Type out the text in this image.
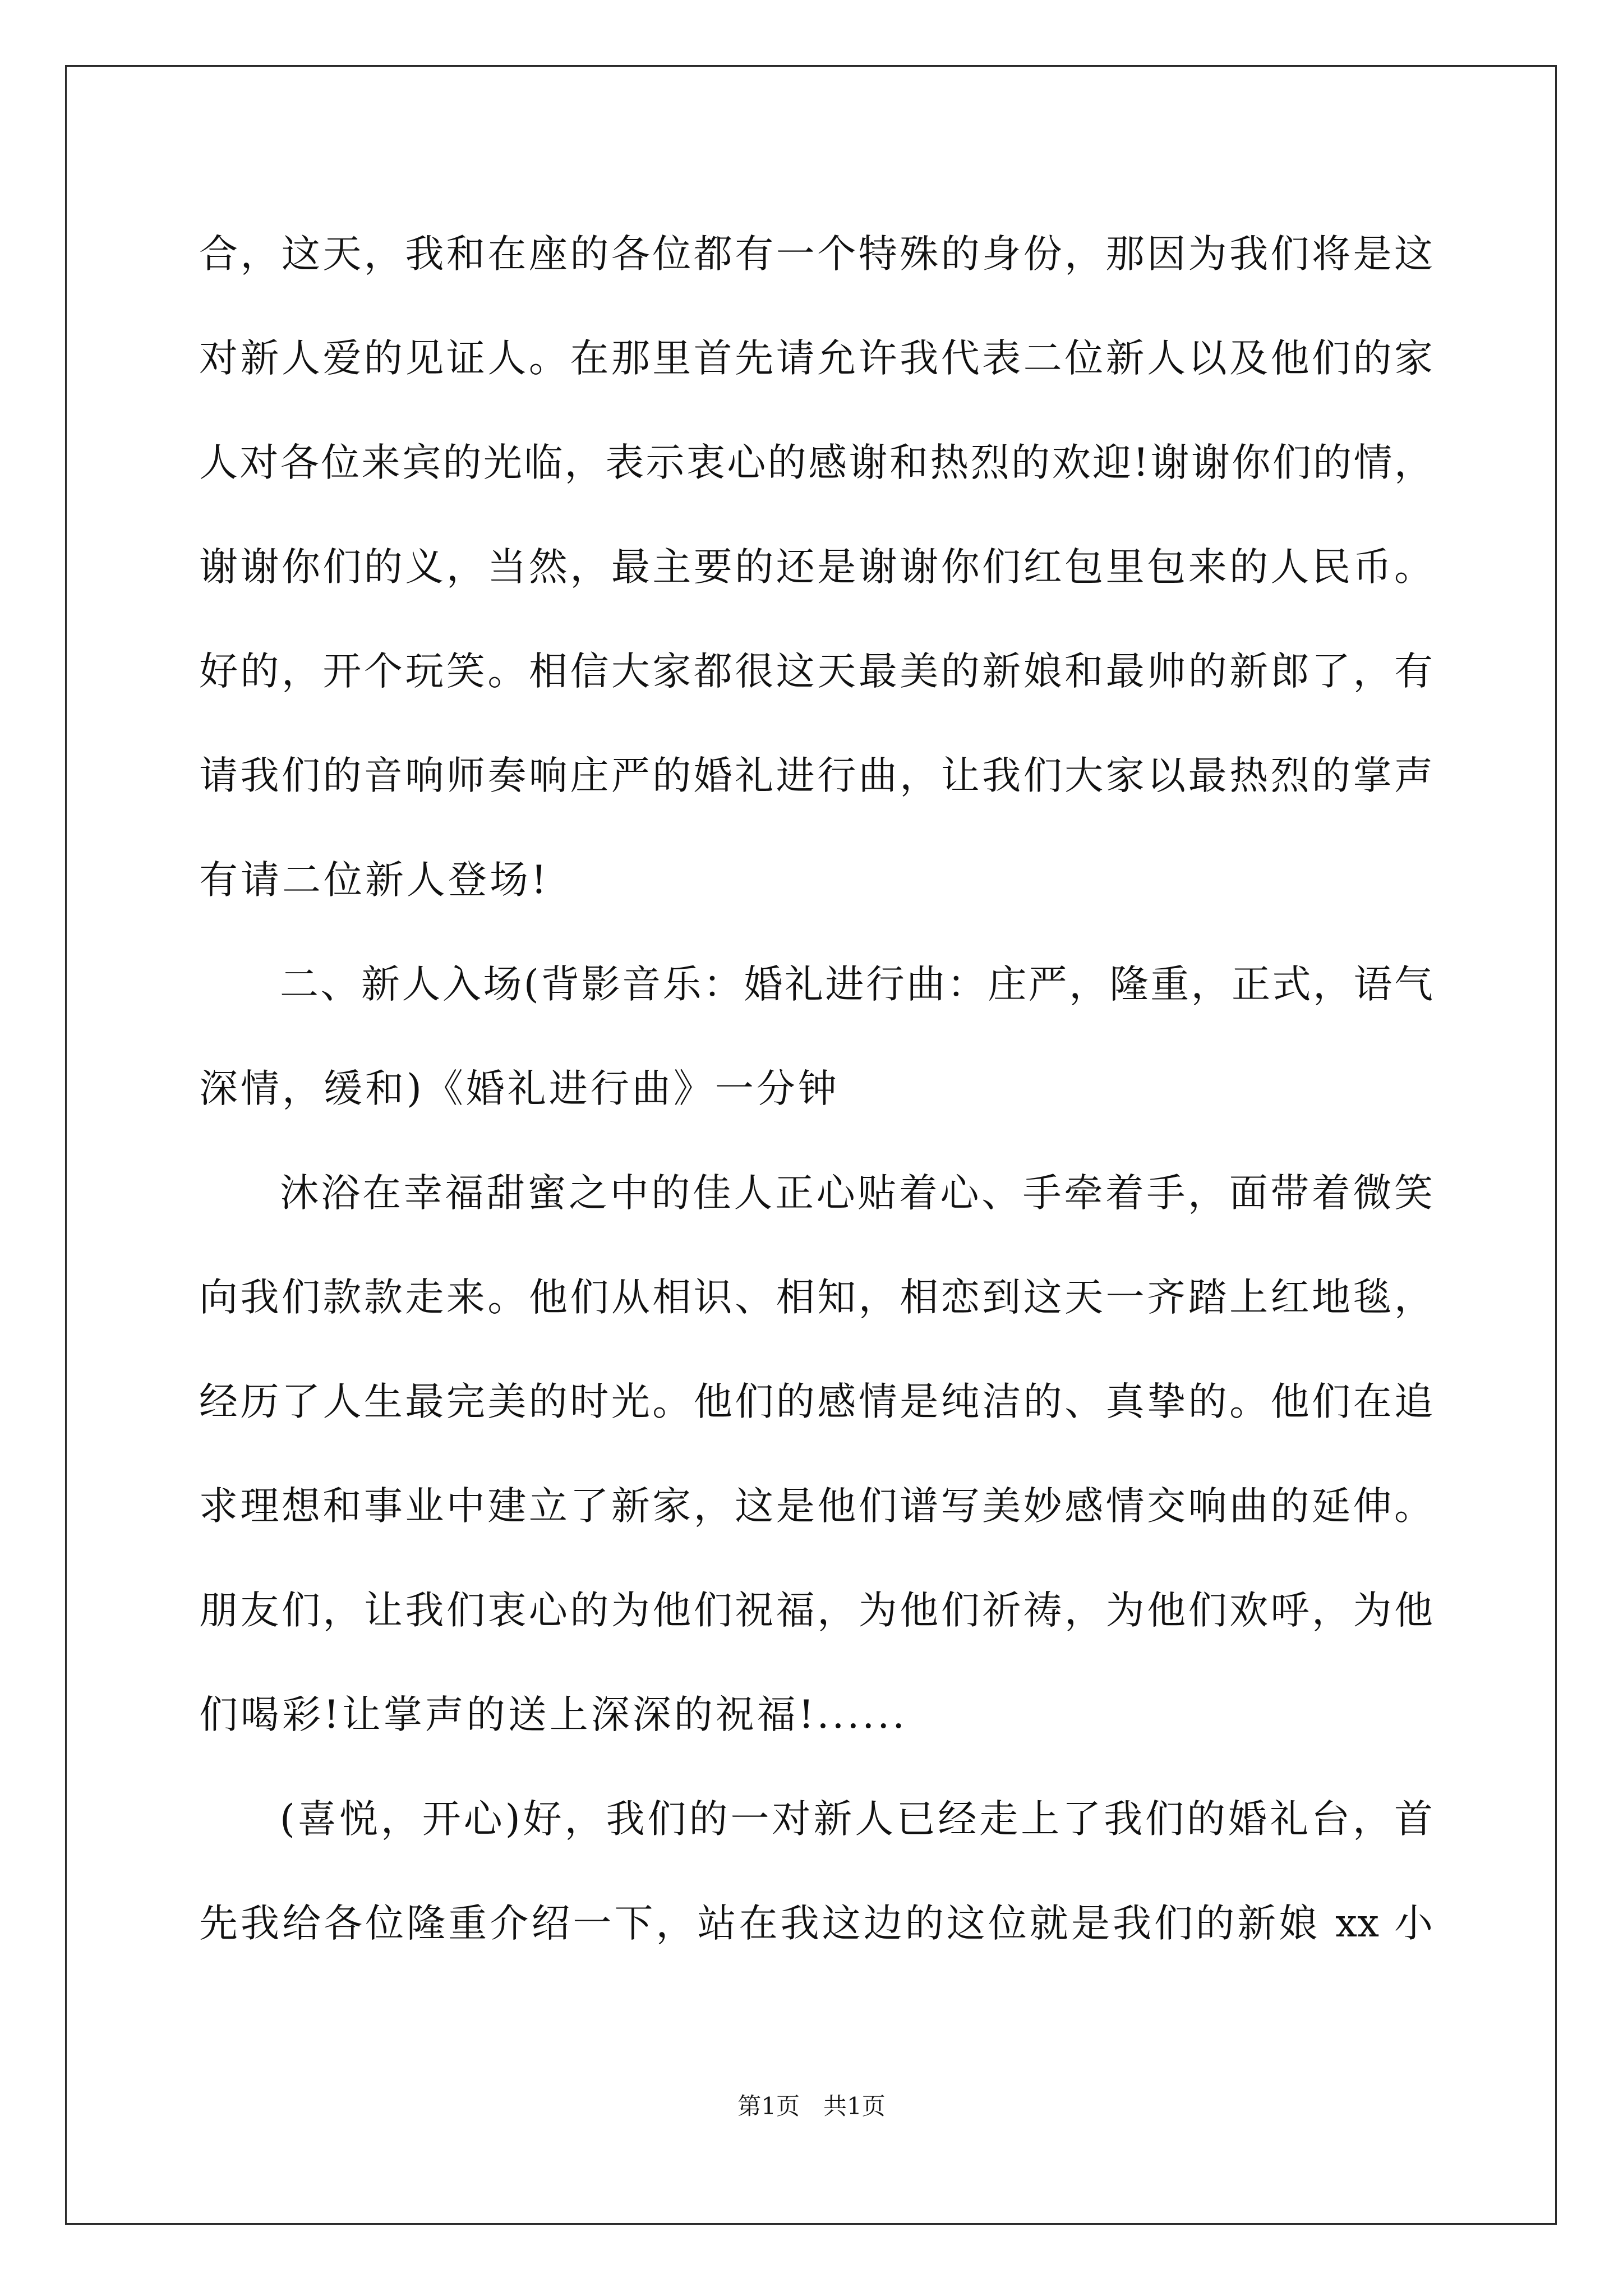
合，这天，我和在座的各位都有一个特殊的身份，那因为我们将是这
对新人爱的见证人。在那里首先请允许我代表二位新人以及他们的家
人对各位来宾的光临，表示衷心的感谢和热烈的欢迎!谢谢你们的情，
谢谢你们的义，当然，最主要的还是谢谢你们红包里包来的人民币。
好的，开个玩笑。相信大家都很这天最美的新娘和最帅的新郎了，有
请我们的音响师奏响庄严的婚礼进行曲，让我们大家以最热烈的掌声
有请二位新人登场!
二、新人入场(背影音乐：婚礼进行曲：庄严，隆重，正式，语气
深情，缓和)《婚礼进行曲》一分钟
沐浴在幸福甜蜜之中的佳人正心贴着心、手牵着手，面带着微笑
向我们款款走来。他们从相识、相知，相恋到这天一齐踏上红地毯，
经历了人生最完美的时光。他们的感情是纯洁的、真挚的。他们在追
求理想和事业中建立了新家，这是他们谱写美妙感情交响曲的延伸。
朋友们，让我们衷心的为他们祝福，为他们祈祷，为他们欢呼，为他
们喝彩!让掌声的送上深深的祝福!......
(喜悦，开心)好，我们的一对新人已经走上了我们的婚礼台，首
先我给各位隆重介绍一下，站在我这边的这位就是我们的新娘 xx 小
第1页　共1页
